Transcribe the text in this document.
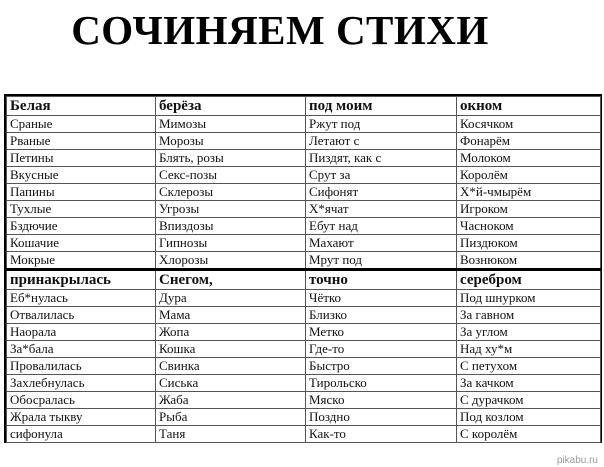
СОЧИНЯЕМ СТИХИ
Белая	берёза	под моим	окном
Сраные	Мимозы	Ржут под	Косячком
Рваные	Морозы	Летают с	Фонарём
Петины	Блять, розы	Пиздят, как с	Молоком
Вкусные	Секс-позы	Срут за	Королём
Папины	Склерозы	Сифонят	Х*й-чмырём
Тухлые	Угрозы	Х*ячат	Игроком
Бздючие	Впиздозы	Ебут над	Часноком
Кошачие	Гипнозы	Махают	Пиздюком
Мокрые	Хлорозы	Мрут под	Вознюком
принакрылась	Снегом,	точно	серебром
Еб*нулась	Дура	Чётко	Под шнурком
Отвалилась	Мама	Близко	За гавном
Наорала	Жопа	Метко	За углом
За*бала	Кошка	Где-то	Над ху*м
Провалилась	Свинка	Быстро	С петухом
Захлебнулась	Сиська	Тирольско	За качком
Обосралась	Жаба	Мяско	С дурачком
Жрала тыкву	Рыба	Поздно	Под козлом
сифонула	Таня	Как-то	С королём
pikabu.ru
